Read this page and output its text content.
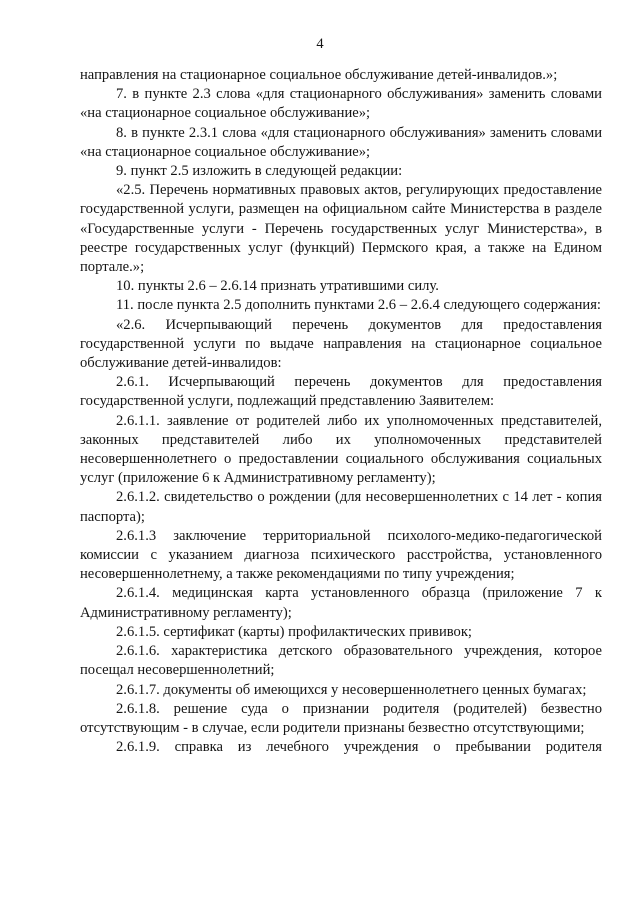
4

направления на стационарное социальное обслуживание детей-инвалидов.»;

7. в пункте 2.3 слова «для стационарного обслуживания» заменить словами «на стационарное социальное обслуживание»;

8. в пункте 2.3.1 слова «для стационарного обслуживания» заменить словами «на стационарное социальное обслуживание»;

9. пункт 2.5 изложить в следующей редакции:

«2.5. Перечень нормативных правовых актов, регулирующих предоставление государственной услуги, размещен на официальном сайте Министерства в разделе «Государственные услуги - Перечень государственных услуг Министерства», в реестре государственных услуг (функций) Пермского края, а также на Едином портале.»;

10. пункты 2.6 – 2.6.14 признать утратившими силу.

11. после пункта 2.5 дополнить пунктами 2.6 – 2.6.4 следующего содержания:

«2.6. Исчерпывающий перечень документов для предоставления государственной услуги по выдаче направления на стационарное социальное обслуживание детей-инвалидов:

2.6.1. Исчерпывающий перечень документов для предоставления государственной услуги, подлежащий представлению Заявителем:

2.6.1.1. заявление от родителей либо их уполномоченных представителей, законных представителей либо их уполномоченных представителей несовершеннолетнего о предоставлении социального обслуживания социальных услуг (приложение 6 к Административному регламенту);

2.6.1.2. свидетельство о рождении (для несовершеннолетних с 14 лет - копия паспорта);

2.6.1.3 заключение территориальной психолого-медико-педагогической комиссии с указанием диагноза психического расстройства, установленного несовершеннолетнему, а также рекомендациями по типу учреждения;

2.6.1.4. медицинская карта установленного образца (приложение 7 к Административному регламенту);

2.6.1.5. сертификат (карты) профилактических прививок;

2.6.1.6. характеристика детского образовательного учреждения, которое посещал несовершеннолетний;

2.6.1.7. документы об имеющихся у несовершеннолетнего ценных бумагах;

2.6.1.8. решение суда о признании родителя (родителей) безвестно отсутствующим - в случае, если родители признаны безвестно отсутствующими;

2.6.1.9. справка из лечебного учреждения о пребывании родителя
